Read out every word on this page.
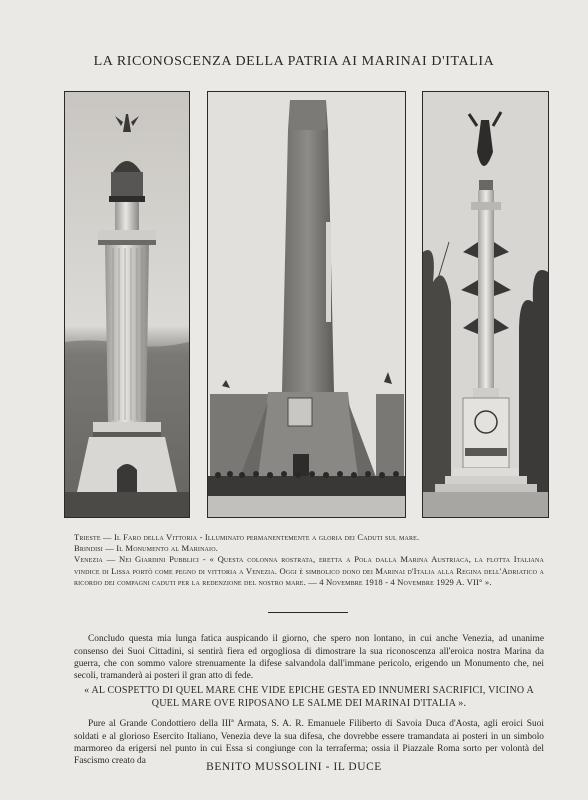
LA RICONOSCENZA DELLA PATRIA AI MARINAI D'ITALIA

Trieste — Il Faro della Vittoria - Illuminato permanentemente a gloria dei Caduti sul mare.

Brindisi — Il Monumento al Marinaio.

Venezia — Nei Giardini Pubblici - « Questa colonna rostrata, eretta a Pola dalla Marina Austriaca, la flotta Italiana vindice di Lissa portò come pegno di vittoria a Venezia. Oggi è simbolico dono dei Marinai d'Italia alla Regina dell'Adriatico a ricordo dei compagni caduti per la redenzione del nostro mare. — 4 Novembre 1918 - 4 Novembre 1929 A. VII° ».

Concludo questa mia lunga fatica auspicando il giorno, che spero non lontano, in cui anche Venezia, ad unanime consenso dei Suoi Cittadini, si sentirà fiera ed orgogliosa di dimostrare la sua riconoscenza all'eroica nostra Marina da guerra, che con sommo valore strenuamente la difese salvandola dall'immane pericolo, erigendo un Monumento che, nei secoli, tramanderà ai posteri il gran atto di fede.

« AL COSPETTO DI QUEL MARE CHE VIDE EPICHE GESTA ED INNUMERI SACRIFICI, VICINO A QUEL MARE OVE RIPOSANO LE SALME DEI MARINAI D'ITALIA ».

Pure al Grande Condottiero della IIIª Armata, S. A. R. Emanuele Filiberto di Savoia Duca d'Aosta, agli eroici Suoi soldati e al glorioso Esercito Italiano, Venezia deve la sua difesa, che dovrebbe essere tramandata ai posteri in un simbolo marmoreo da erigersi nel punto in cui Essa si congiunge con la terraferma; ossia il Piazzale Roma sorto per volontà del Fascismo creato da	BENITO MUSSOLINI - IL DUCE
